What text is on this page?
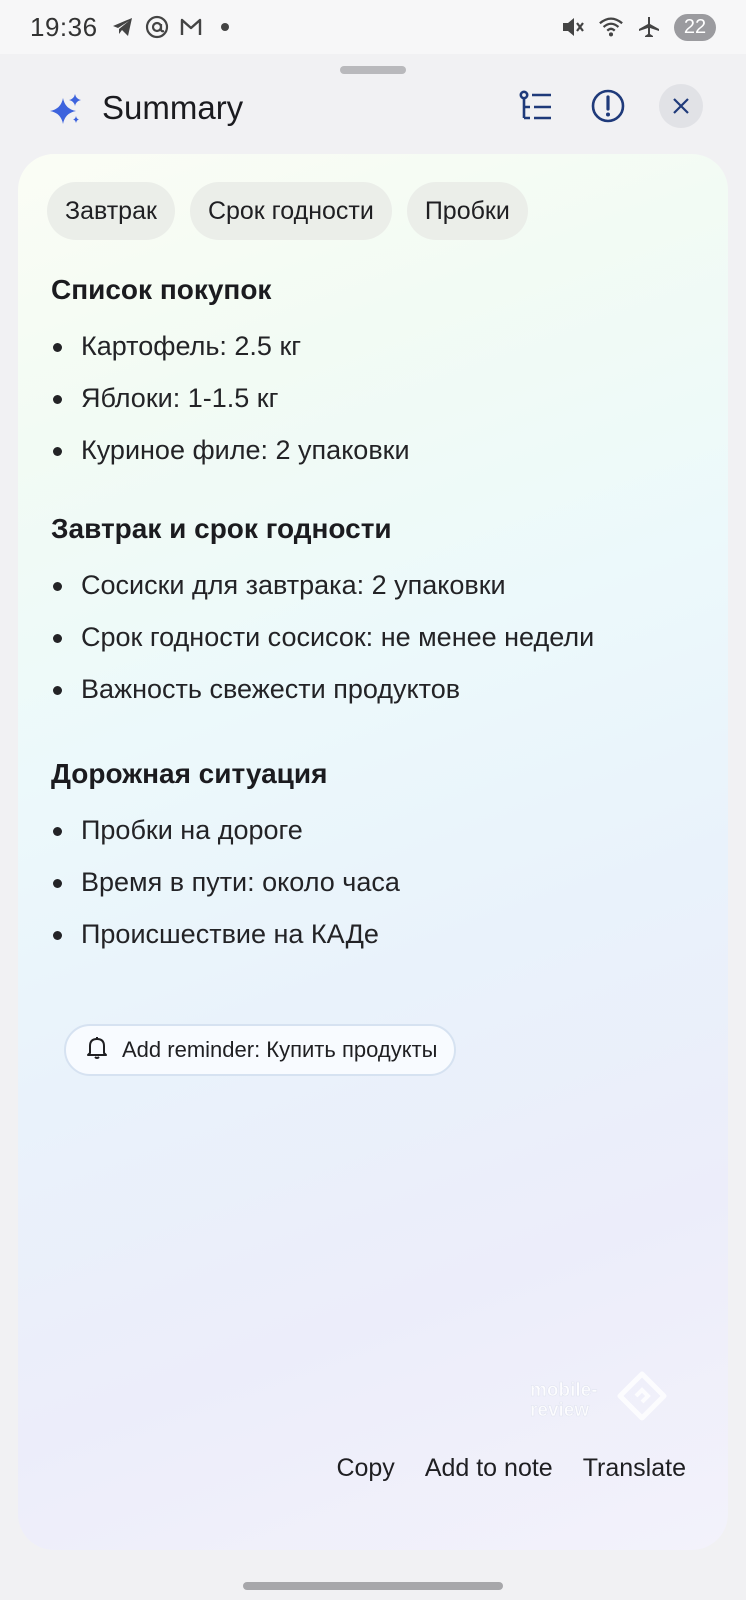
19:36	22
Summary
Завтрак	Срок годности	Пробки
Список покупок
Картофель: 2.5 кг
Яблоки: 1-1.5 кг
Куриное филе: 2 упаковки
Завтрак и срок годности
Сосиски для завтрака: 2 упаковки
Срок годности сосисок: не менее недели
Важность свежести продуктов
Дорожная ситуация
Пробки на дороге
Время в пути: около часа
Происшествие на КАДе
Add reminder: Купить продукты
mobile-
review
Copy Add to note Translate
